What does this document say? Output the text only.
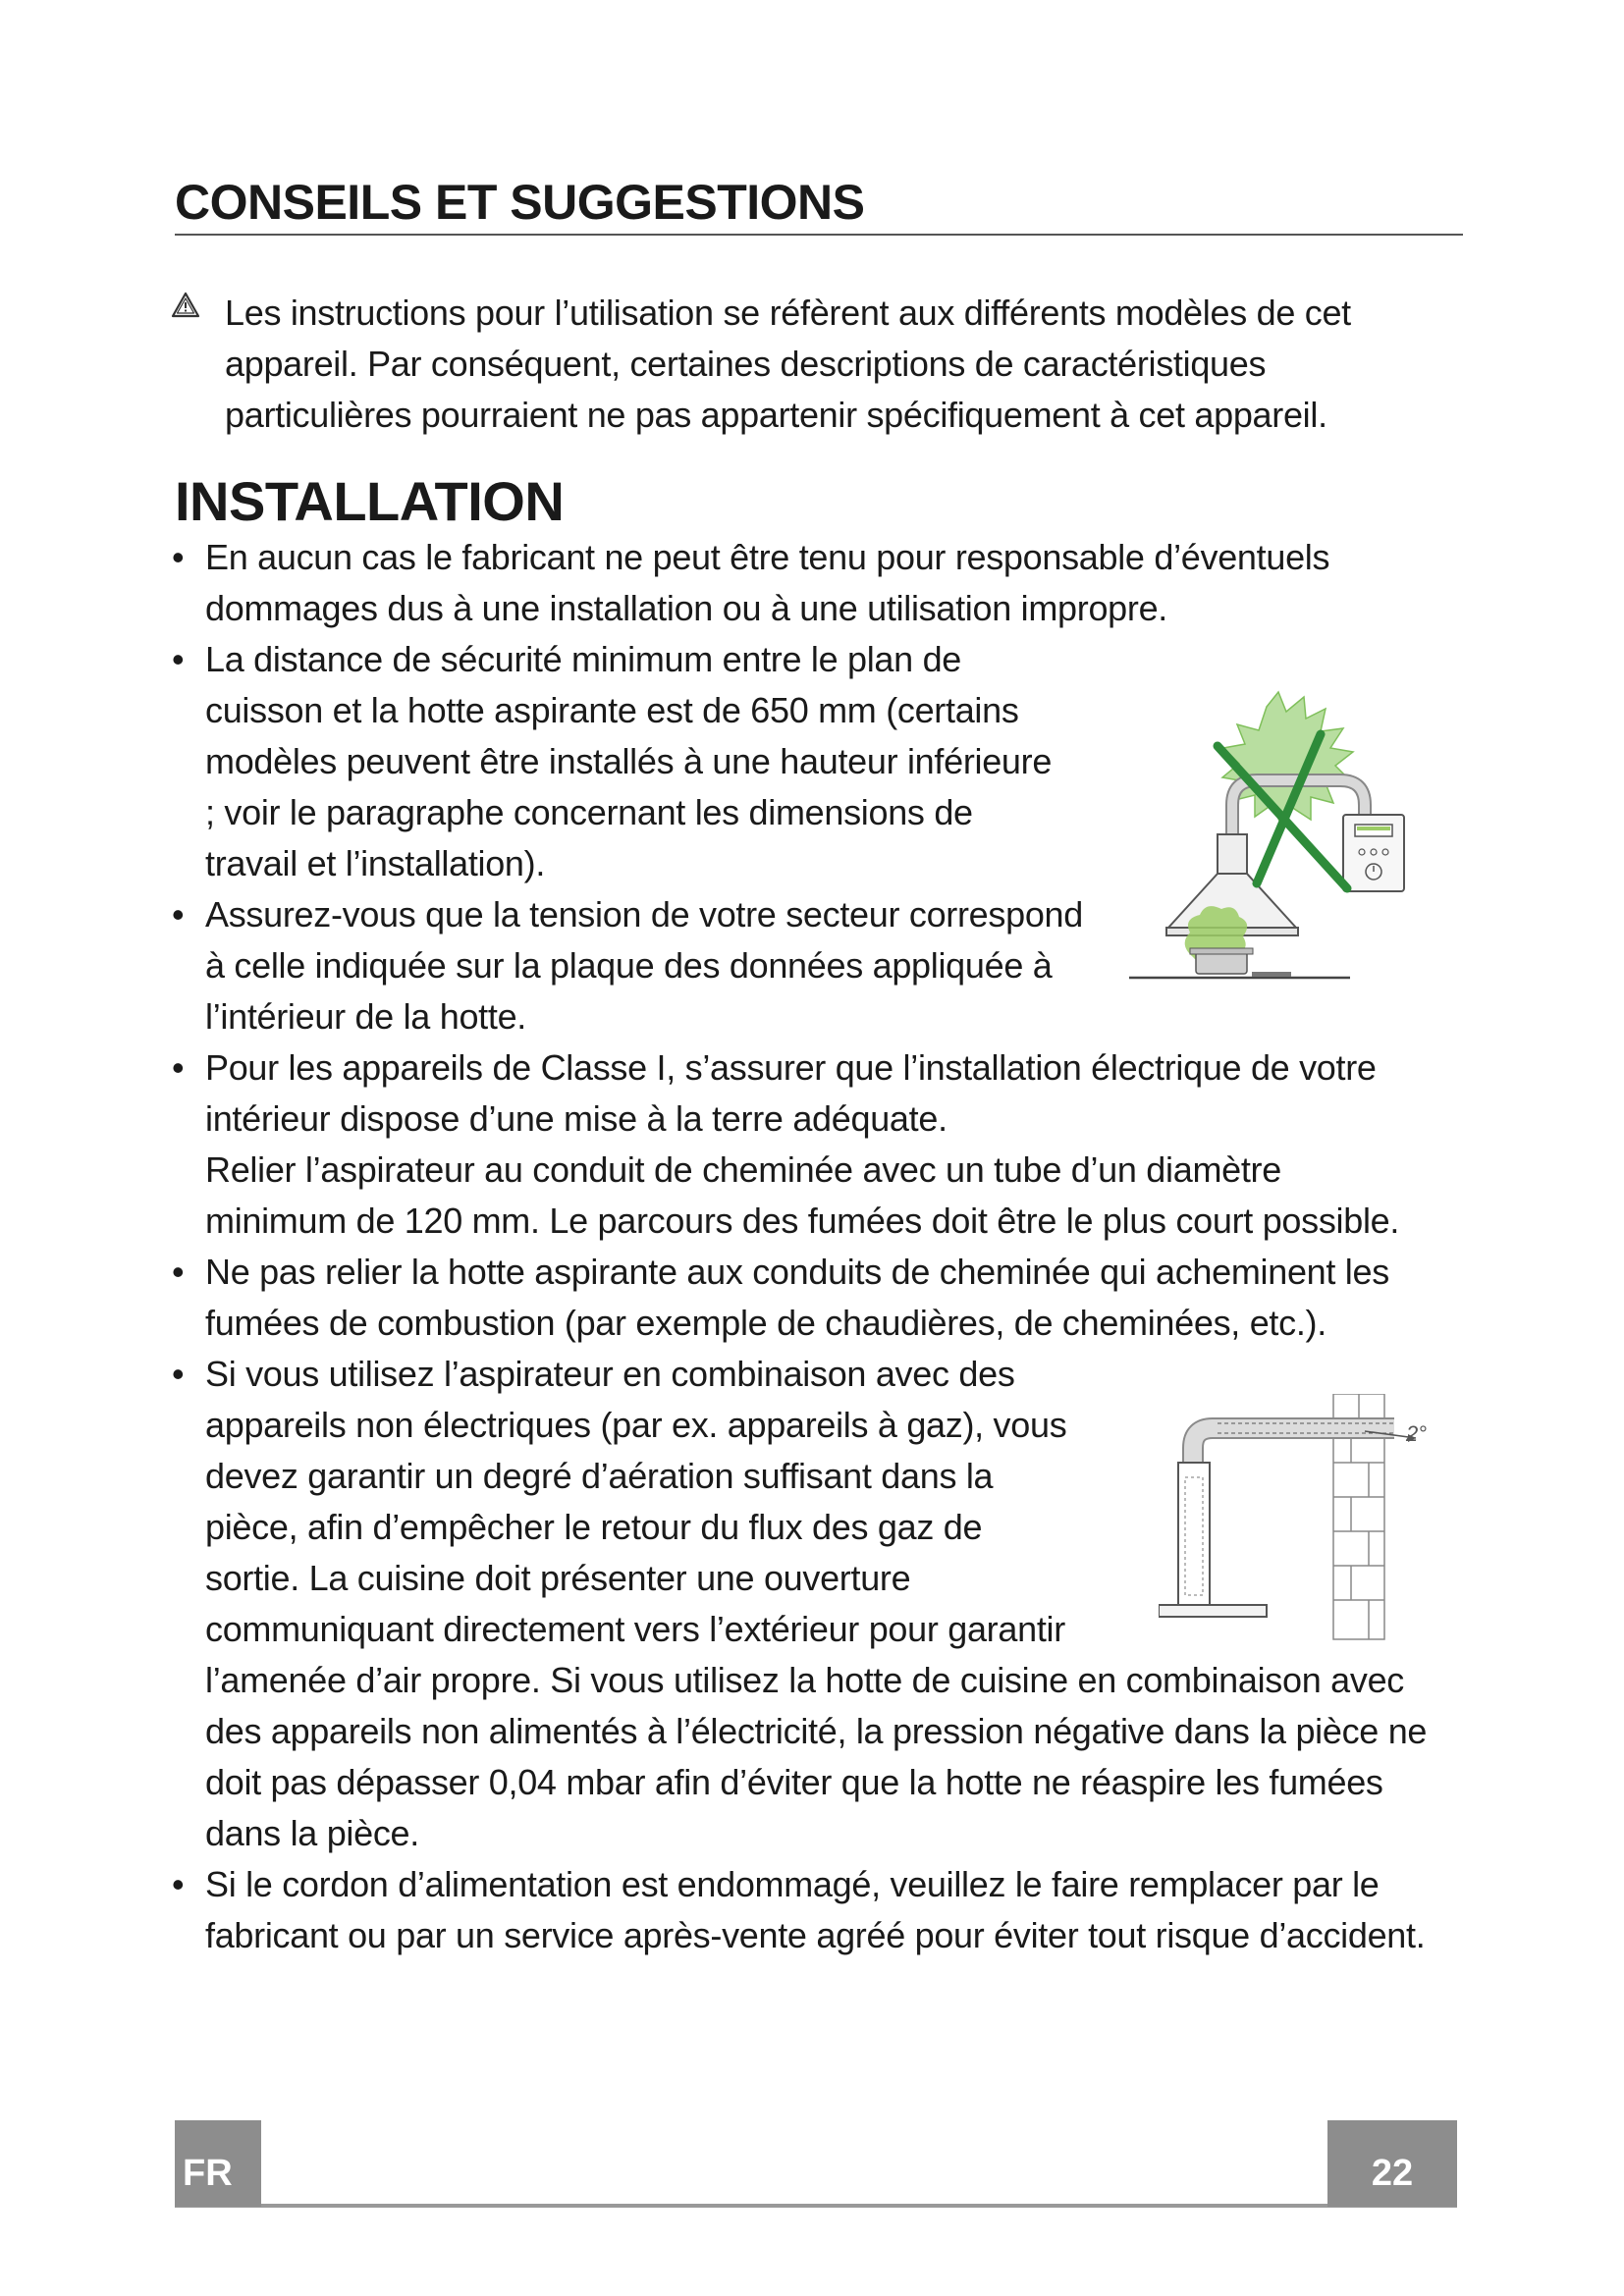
CONSEILS ET SUGGESTIONS

Les instructions pour l’utilisation se réfèrent aux différents modèles de cet appareil. Par conséquent, certaines descriptions de caractéristiques particulières pourraient ne pas appartenir spécifiquement à cet appareil.

INSTALLATION
• En aucun cas le fabricant ne peut être tenu pour responsable d’éventuels dommages dus à une installation ou à une utilisation impropre.

• La distance de sécurité minimum entre le plan de cuisson et la hotte aspirante est de 650 mm (certains modèles peuvent être installés à une hauteur inférieure ; voir le paragraphe concernant les dimensions de travail et l’installation).

• Assurez-vous que la tension de votre secteur correspond à celle indiquée sur la plaque des données appliquée à l’intérieur de la hotte.

• Pour les appareils de Classe I, s’assurer que l’installation électrique de votre intérieur dispose d’une mise à la terre adéquate.

Relier l’aspirateur au conduit de cheminée avec un tube d’un diamètre minimum de 120 mm. Le parcours des fumées doit être le plus court possible.

• Ne pas relier la hotte aspirante aux conduits de cheminée qui acheminent les fumées de combustion (par exemple de chaudières, de cheminées, etc.).

• Si vous utilisez l’aspirateur en combinaison avec des appareils non électriques (par ex. appareils à gaz), vous devez garantir un degré d’aération suffisant dans la pièce, afin d’empêcher le retour du flux des gaz de sortie. La cuisine doit présenter une ouverture communiquant directement vers l’extérieur pour garantir l’amenée d’air propre. Si vous utilisez la hotte de cuisine en combinaison avec des appareils non alimentés à l’électricité, la pression négative dans la pièce ne doit pas dépasser 0,04 mbar afin d’éviter que la hotte ne réaspire les fumées dans la pièce.

• Si le cordon d’alimentation est endommagé, veuillez le faire remplacer par le fabricant ou par un service après-vente agréé pour éviter tout risque d’accident.

2°
FR	22
